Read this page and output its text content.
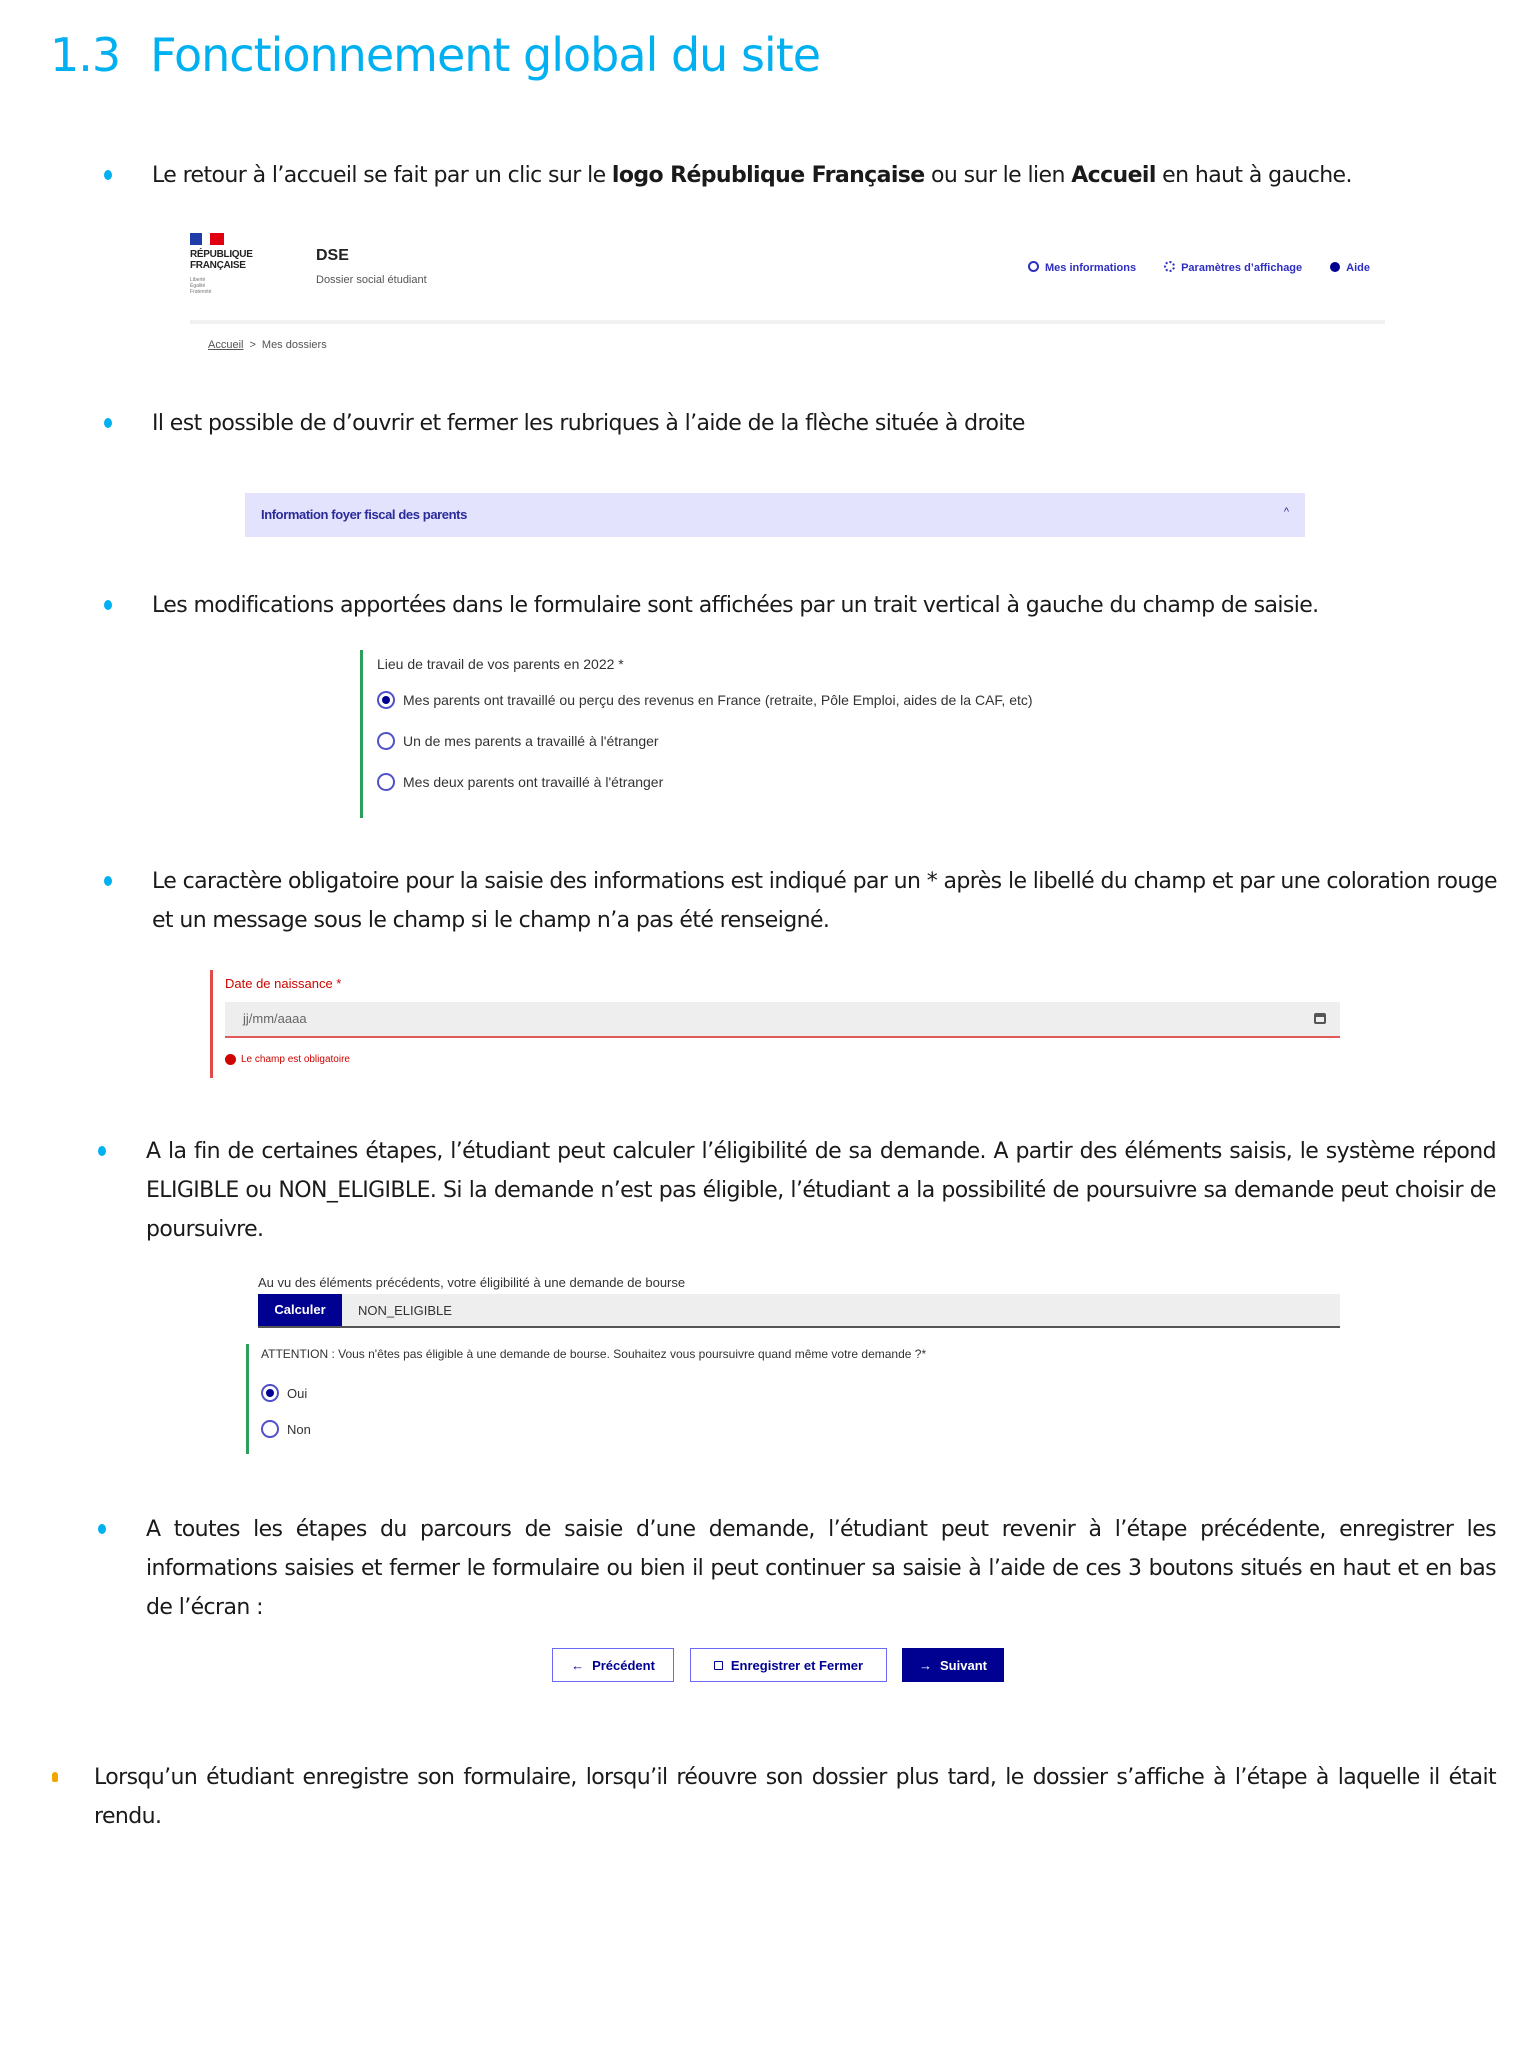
1.3 Fonctionnement global du site
Le retour à l’accueil se fait par un clic sur le logo République Française ou sur le lien Accueil en haut à gauche.
RÉPUBLIQUE
FRANÇAISE
Liberté Égalité Fraternité
DSE
Dossier social étudiant
Mes informations	Paramètres d’affichage	Aide
Accueil > Mes dossiers
Il est possible de d’ouvrir et fermer les rubriques à l’aide de la flèche située à droite
Information foyer fiscal des parents	^
Les modifications apportées dans le formulaire sont affichées par un trait vertical à gauche du champ de saisie.
Lieu de travail de vos parents en 2022 *
Mes parents ont travaillé ou perçu des revenus en France (retraite, Pôle Emploi, aides de la CAF, etc)
Un de mes parents a travaillé à l'étranger
Mes deux parents ont travaillé à l'étranger
Le caractère obligatoire pour la saisie des informations est indiqué par un * après le libellé du champ et par une coloration rouge et un message sous le champ si le champ n’a pas été renseigné.
Date de naissance *
jj/mm/aaaa
Le champ est obligatoire
A la fin de certaines étapes, l’étudiant peut calculer l’éligibilité de sa demande. A partir des éléments saisis, le système répond ELIGIBLE ou NON_ELIGIBLE. Si la demande n’est pas éligible, l’étudiant a la possibilité de poursuivre sa demande peut choisir de poursuivre.
Au vu des éléments précédents, votre éligibilité à une demande de bourse
Calculer	NON_ELIGIBLE
ATTENTION : Vous n'êtes pas éligible à une demande de bourse. Souhaitez vous poursuivre quand même votre demande ?*
Oui
Non
A toutes les étapes du parcours de saisie d’une demande, l’étudiant peut revenir à l’étape précédente, enregistrer les informations saisies et fermer le formulaire ou bien il peut continuer sa saisie à l’aide de ces 3 boutons situés en haut et en bas de l’écran :
← Précédent	Enregistrer et Fermer	→ Suivant
Lorsqu’un étudiant enregistre son formulaire, lorsqu’il réouvre son dossier plus tard, le dossier s’affiche à l’étape à laquelle il était rendu.
